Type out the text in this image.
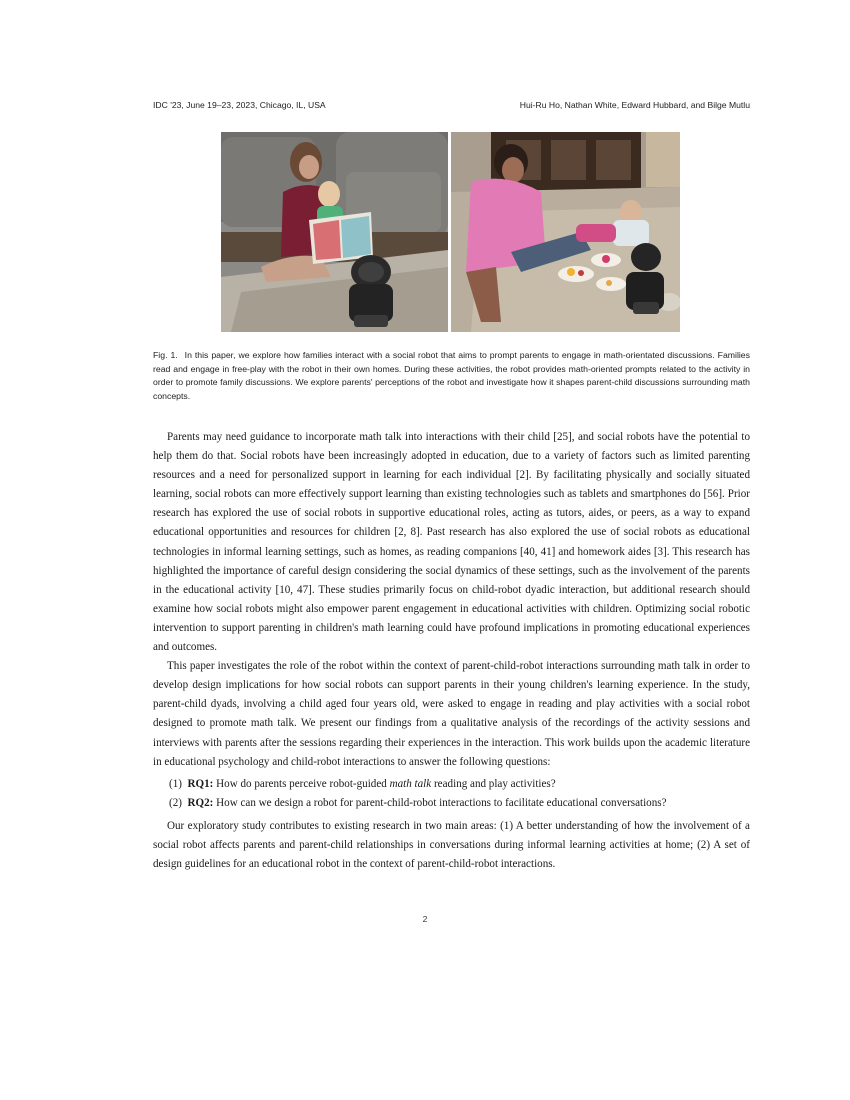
IDC '23, June 19–23, 2023, Chicago, IL, USA	Hui-Ru Ho, Nathan White, Edward Hubbard, and Bilge Mutlu
Fig. 1. In this paper, we explore how families interact with a social robot that aims to prompt parents to engage in math-orientated discussions. Families read and engage in free-play with the robot in their own homes. During these activities, the robot provides math-oriented prompts related to the activity in order to promote family discussions. We explore parents' perceptions of the robot and investigate how it shapes parent-child discussions surrounding math concepts.

Parents may need guidance to incorporate math talk into interactions with their child [25], and social robots have the potential to help them do that. Social robots have been increasingly adopted in education, due to a variety of factors such as limited parenting resources and a need for personalized support in learning for each individual [2]. By facilitating physically and socially situated learning, social robots can more effectively support learning than existing technologies such as tablets and smartphones do [56]. Prior research has explored the use of social robots in supportive educational roles, acting as tutors, aides, or peers, as a way to expand educational opportunities and resources for children [2, 8]. Past research has also explored the use of social robots as educational technologies in informal learning settings, such as homes, as reading companions [40, 41] and homework aides [3]. This research has highlighted the importance of careful design considering the social dynamics of these settings, such as the involvement of the parents in the educational activity [10, 47]. These studies primarily focus on child-robot dyadic interaction, but additional research should examine how social robots might also empower parent engagement in educational activities with children. Optimizing social robotic intervention to support parenting in children's math learning could have profound implications in promoting educational experiences and outcomes.

This paper investigates the role of the robot within the context of parent-child-robot interactions surrounding math talk in order to develop design implications for how social robots can support parents in their young children's learning experience. In the study, parent-child dyads, involving a child aged four years old, were asked to engage in reading and play activities with a social robot designed to promote math talk. We present our findings from a qualitative analysis of the recordings of the activity sessions and interviews with parents after the sessions regarding their experiences in the interaction. This work builds upon the academic literature in educational psychology and child-robot interactions to answer the following questions:

(1) RQ1: How do parents perceive robot-guided math talk reading and play activities?
(2) RQ2: How can we design a robot for parent-child-robot interactions to facilitate educational conversations?

Our exploratory study contributes to existing research in two main areas: (1) A better understanding of how the involvement of a social robot affects parents and parent-child relationships in conversations during informal learning activities at home; (2) A set of design guidelines for an educational robot in the context of parent-child-robot interactions.

2
